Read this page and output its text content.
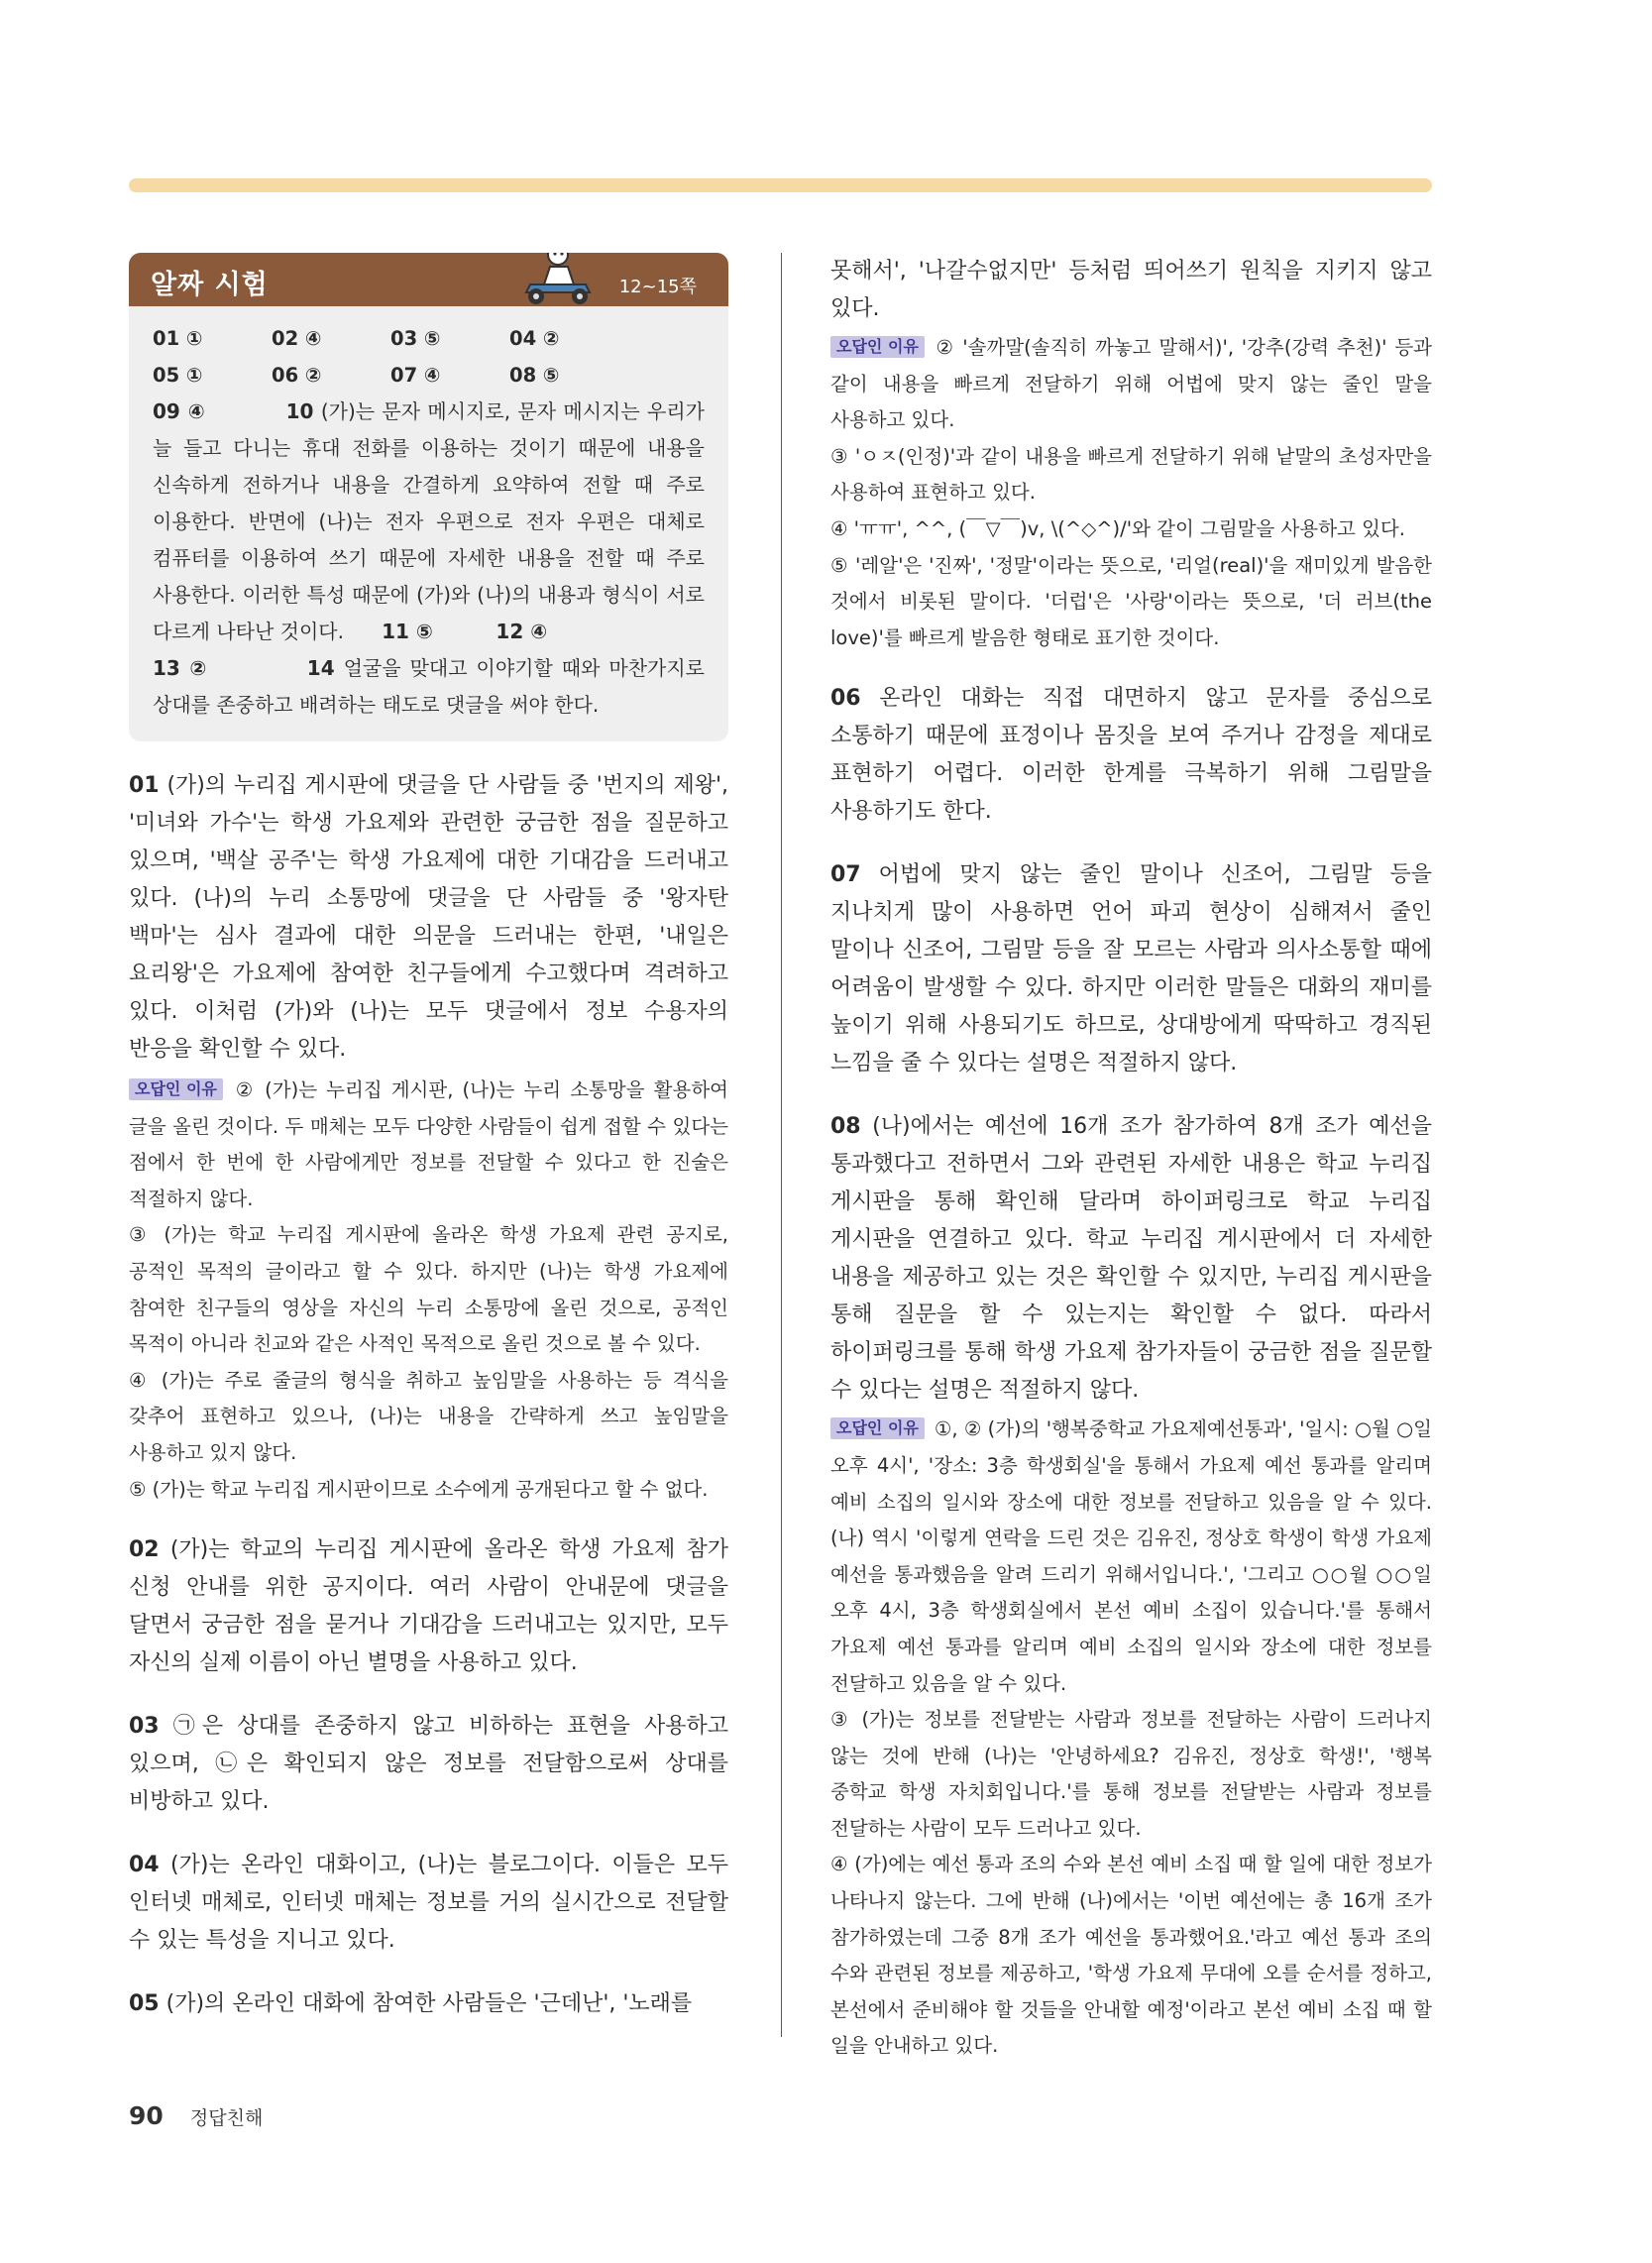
알짜 시험	12~15쪽
01 ①	02 ④	03 ⑤	04 ②
05 ①	06 ②	07 ④	08 ⑤
09 ④	10 (가)는 문자 메시지로, 문자 메시지는 우리가 늘 들고 다니는 휴대 전화를 이용하는 것이기 때문에 내용을 신속하게 전하거나 내용을 간결하게 요약하여 전할 때 주로 이용한다. 반면에 (나)는 전자 우편으로 전자 우편은 대체로 컴퓨터를 이용하여 쓰기 때문에 자세한 내용을 전할 때 주로 사용한다. 이러한 특성 때문에 (가)와 (나)의 내용과 형식이 서로 다르게 나타난 것이다. 11 ⑤	12 ④
13 ②	14 얼굴을 맞대고 이야기할 때와 마찬가지로 상대를 존중하고 배려하는 태도로 댓글을 써야 한다.
01 (가)의 누리집 게시판에 댓글을 단 사람들 중 '번지의 제왕', '미녀와 가수'는 학생 가요제와 관련한 궁금한 점을 질문하고 있으며, '백살 공주'는 학생 가요제에 대한 기대감을 드러내고 있다. (나)의 누리 소통망에 댓글을 단 사람들 중 '왕자탄 백마'는 심사 결과에 대한 의문을 드러내는 한편, '내일은 요리왕'은 가요제에 참여한 친구들에게 수고했다며 격려하고 있다. 이처럼 (가)와 (나)는 모두 댓글에서 정보 수용자의 반응을 확인할 수 있다.
오답인 이유 ② (가)는 누리집 게시판, (나)는 누리 소통망을 활용하여 글을 올린 것이다. 두 매체는 모두 다양한 사람들이 쉽게 접할 수 있다는 점에서 한 번에 한 사람에게만 정보를 전달할 수 있다고 한 진술은 적절하지 않다.
③ (가)는 학교 누리집 게시판에 올라온 학생 가요제 관련 공지로, 공적인 목적의 글이라고 할 수 있다. 하지만 (나)는 학생 가요제에 참여한 친구들의 영상을 자신의 누리 소통망에 올린 것으로, 공적인 목적이 아니라 친교와 같은 사적인 목적으로 올린 것으로 볼 수 있다.
④ (가)는 주로 줄글의 형식을 취하고 높임말을 사용하는 등 격식을 갖추어 표현하고 있으나, (나)는 내용을 간략하게 쓰고 높임말을 사용하고 있지 않다.
⑤ (가)는 학교 누리집 게시판이므로 소수에게 공개된다고 할 수 없다.
02 (가)는 학교의 누리집 게시판에 올라온 학생 가요제 참가 신청 안내를 위한 공지이다. 여러 사람이 안내문에 댓글을 달면서 궁금한 점을 묻거나 기대감을 드러내고는 있지만, 모두 자신의 실제 이름이 아닌 별명을 사용하고 있다.
03 ㉠은 상대를 존중하지 않고 비하하는 표현을 사용하고 있으며, ㉡은 확인되지 않은 정보를 전달함으로써 상대를 비방하고 있다.
04 (가)는 온라인 대화이고, (나)는 블로그이다. 이들은 모두 인터넷 매체로, 인터넷 매체는 정보를 거의 실시간으로 전달할 수 있는 특성을 지니고 있다.
05 (가)의 온라인 대화에 참여한 사람들은 '근데난', '노래를
못해서', '나갈수없지만' 등처럼 띄어쓰기 원칙을 지키지 않고 있다.
오답인 이유 ② '솔까말(솔직히 까놓고 말해서)', '강추(강력 추천)' 등과 같이 내용을 빠르게 전달하기 위해 어법에 맞지 않는 줄인 말을 사용하고 있다.
③ 'ㅇㅈ(인정)'과 같이 내용을 빠르게 전달하기 위해 낱말의 초성자만을 사용하여 표현하고 있다.
④ 'ㅠㅠ', ^^, (￣▽￣)v, \(^◇^)/'와 같이 그림말을 사용하고 있다.
⑤ '레알'은 '진짜', '정말'이라는 뜻으로, '리얼(real)'을 재미있게 발음한 것에서 비롯된 말이다. '더럽'은 '사랑'이라는 뜻으로, '더 러브(the love)'를 빠르게 발음한 형태로 표기한 것이다.
06 온라인 대화는 직접 대면하지 않고 문자를 중심으로 소통하기 때문에 표정이나 몸짓을 보여 주거나 감정을 제대로 표현하기 어렵다. 이러한 한계를 극복하기 위해 그림말을 사용하기도 한다.
07 어법에 맞지 않는 줄인 말이나 신조어, 그림말 등을 지나치게 많이 사용하면 언어 파괴 현상이 심해져서 줄인 말이나 신조어, 그림말 등을 잘 모르는 사람과 의사소통할 때에 어려움이 발생할 수 있다. 하지만 이러한 말들은 대화의 재미를 높이기 위해 사용되기도 하므로, 상대방에게 딱딱하고 경직된 느낌을 줄 수 있다는 설명은 적절하지 않다.
08 (나)에서는 예선에 16개 조가 참가하여 8개 조가 예선을 통과했다고 전하면서 그와 관련된 자세한 내용은 학교 누리집 게시판을 통해 확인해 달라며 하이퍼링크로 학교 누리집 게시판을 연결하고 있다. 학교 누리집 게시판에서 더 자세한 내용을 제공하고 있는 것은 확인할 수 있지만, 누리집 게시판을 통해 질문을 할 수 있는지는 확인할 수 없다. 따라서 하이퍼링크를 통해 학생 가요제 참가자들이 궁금한 점을 질문할 수 있다는 설명은 적절하지 않다.
오답인 이유 ①, ② (가)의 '행복중학교 가요제예선통과', '일시: ○월 ○일 오후 4시', '장소: 3층 학생회실'을 통해서 가요제 예선 통과를 알리며 예비 소집의 일시와 장소에 대한 정보를 전달하고 있음을 알 수 있다. (나) 역시 '이렇게 연락을 드린 것은 김유진, 정상호 학생이 학생 가요제 예선을 통과했음을 알려 드리기 위해서입니다.', '그리고 ○○월 ○○일 오후 4시, 3층 학생회실에서 본선 예비 소집이 있습니다.'를 통해서 가요제 예선 통과를 알리며 예비 소집의 일시와 장소에 대한 정보를 전달하고 있음을 알 수 있다.
③ (가)는 정보를 전달받는 사람과 정보를 전달하는 사람이 드러나지 않는 것에 반해 (나)는 '안녕하세요? 김유진, 정상호 학생!', '행복 중학교 학생 자치회입니다.'를 통해 정보를 전달받는 사람과 정보를 전달하는 사람이 모두 드러나고 있다.
④ (가)에는 예선 통과 조의 수와 본선 예비 소집 때 할 일에 대한 정보가 나타나지 않는다. 그에 반해 (나)에서는 '이번 예선에는 총 16개 조가 참가하였는데 그중 8개 조가 예선을 통과했어요.'라고 예선 통과 조의 수와 관련된 정보를 제공하고, '학생 가요제 무대에 오를 순서를 정하고, 본선에서 준비해야 할 것들을 안내할 예정'이라고 본선 예비 소집 때 할 일을 안내하고 있다.
90 정답친해
